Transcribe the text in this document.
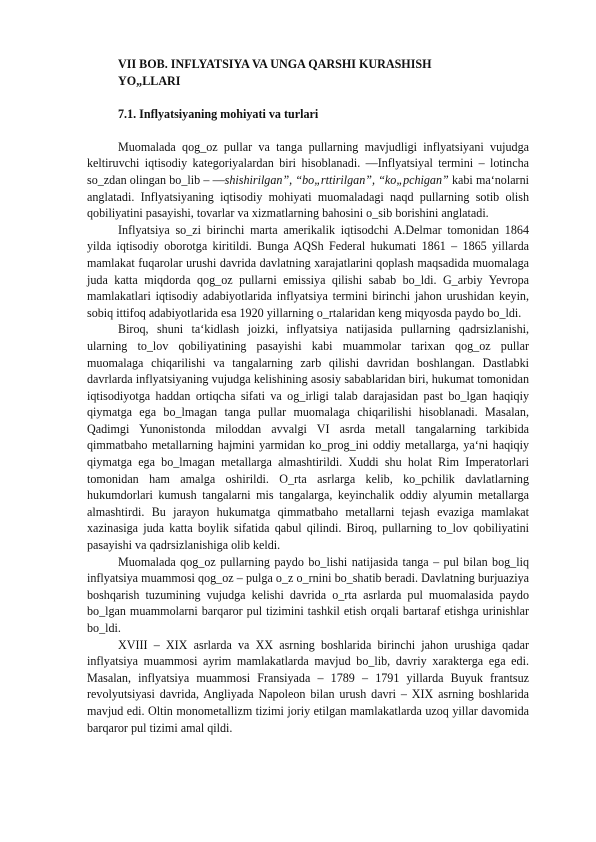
VII BOB. INFLYATSIYA VA UNGA QARSHI KURASHISH
YO„LLARI
7.1. Inflyatsiyaning mohiyati va turlari

Muomalada qog_oz pullar va tanga pullarning mavjudligi inflyatsiyani vujudga keltiruvchi iqtisodiy kategoriyalardan biri hisoblanadi. ―Inflyatsiyal termini – lotincha so_zdan olingan bo_lib – ―shishirilgan”, “bo„rttirilgan”, “ko„pchigan” kabi ma‘nolarni anglatadi. Inflyatsiyaning iqtisodiy mohiyati muomaladagi naqd pullarning sotib olish qobiliyatini pasayishi, tovarlar va xizmatlarning bahosini o_sib borishini anglatadi.

Inflyatsiya so_zi birinchi marta amerikalik iqtisodchi A.Delmar tomonidan 1864 yilda iqtisodiy oborotga kiritildi. Bunga AQSh Federal hukumati 1861 – 1865 yillarda mamlakat fuqarolar urushi davrida davlatning xarajatlarini qoplash maqsadida muomalaga juda katta miqdorda qog_oz pullarni emissiya qilishi sabab bo_ldi. G_arbiy Yevropa mamlakatlari iqtisodiy adabiyotlarida inflyatsiya termini birinchi jahon urushidan keyin, sobiq ittifoq adabiyotlarida esa 1920 yillarning o_rtalaridan keng miqyosda paydo bo_ldi.

Biroq, shuni ta‘kidlash joizki, inflyatsiya natijasida pullarning qadrsizlanishi, ularning to_lov qobiliyatining pasayishi kabi muammolar tarixan qog_oz pullar muomalaga chiqarilishi va tangalarning zarb qilishi davridan boshlangan. Dastlabki davrlarda inflyatsiyaning vujudga kelishining asosiy sabablaridan biri, hukumat tomonidan iqtisodiyotga haddan ortiqcha sifati va og_irligi talab darajasidan past bo_lgan haqiqiy qiymatga ega bo_lmagan tanga pullar muomalaga chiqarilishi hisoblanadi. Masalan, Qadimgi Yunonistonda miloddan avvalgi VI asrda metall tangalarning tarkibida qimmatbaho metallarning hajmini yarmidan ko_prog_ini oddiy metallarga, ya‘ni haqiqiy qiymatga ega bo_lmagan metallarga almashtirildi. Xuddi shu holat Rim Imperatorlari tomonidan ham amalga oshirildi. O_rta asrlarga kelib, ko_pchilik davlatlarning hukumdorlari kumush tangalarni mis tangalarga, keyinchalik oddiy alyumin metallarga almashtirdi. Bu jarayon hukumatga qimmatbaho metallarni tejash evaziga mamlakat xazinasiga juda katta boylik sifatida qabul qilindi. Biroq, pullarning to_lov qobiliyatini pasayishi va qadrsizlanishiga olib keldi.

Muomalada qog_oz pullarning paydo bo_lishi natijasida tanga – pul bilan bog_liq inflyatsiya muammosi qog_oz – pulga o_z o_rnini bo_shatib beradi. Davlatning burjuaziya boshqarish tuzumining vujudga kelishi davrida o_rta asrlarda pul muomalasida paydo bo_lgan muammolarni barqaror pul tizimini tashkil etish orqali bartaraf etishga urinishlar bo_ldi.

XVIII – XIX asrlarda va XX asrning boshlarida birinchi jahon urushiga qadar inflyatsiya muammosi ayrim mamlakatlarda mavjud bo_lib, davriy xarakterga ega edi. Masalan, inflyatsiya muammosi Fransiyada – 1789 – 1791 yillarda Buyuk frantsuz revolyutsiyasi davrida, Angliyada Napoleon bilan urush davri – XIX asrning boshlarida mavjud edi. Oltin monometallizm tizimi joriy etilgan mamlakatlarda uzoq yillar davomida barqaror pul tizimi amal qildi.
